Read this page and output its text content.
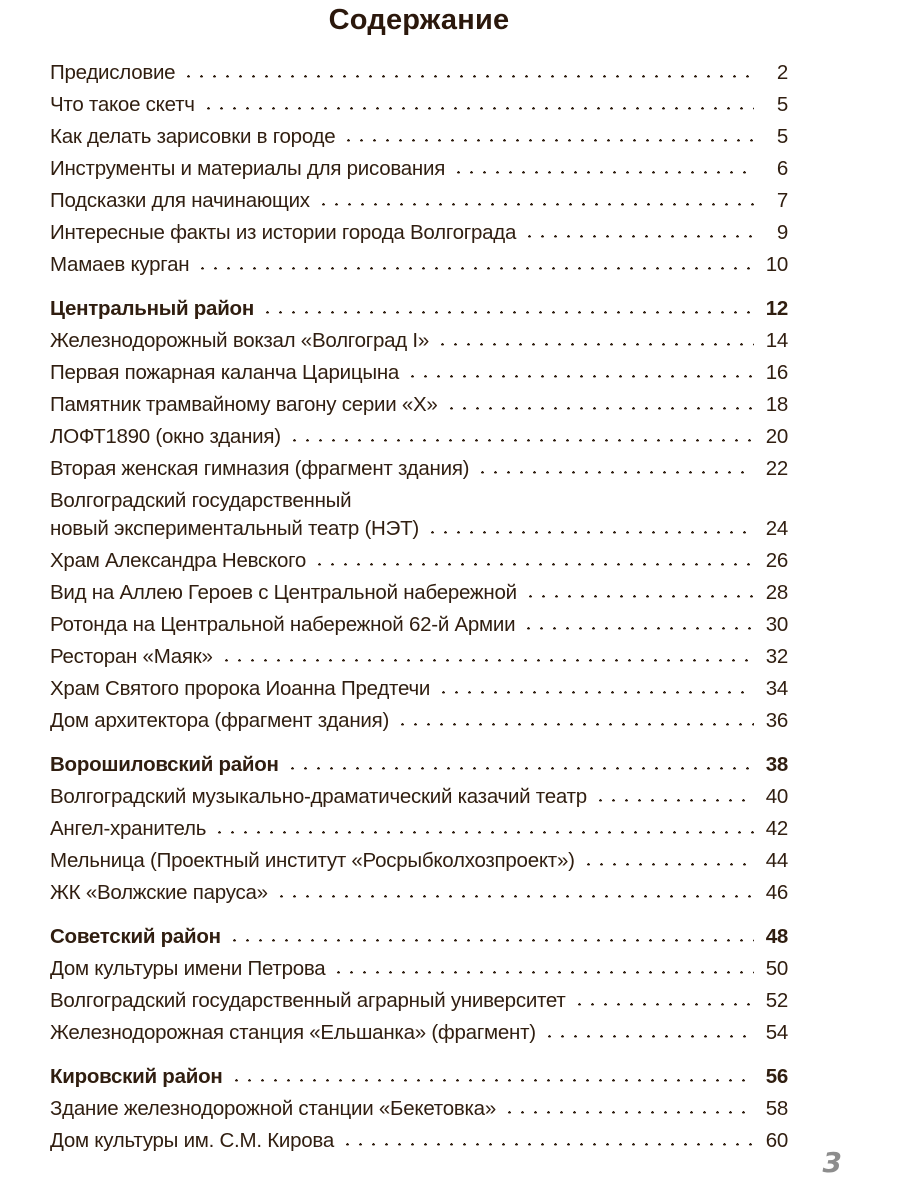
Содержание
Предисловие	2
Что такое скетч	5
Как делать зарисовки в городе	5
Инструменты и материалы для рисования	6
Подсказки для начинающих	7
Интересные факты из истории города Волгограда	9
Мамаев курган	10
Центральный район	12
Железнодорожный вокзал «Волгоград I»	14
Первая пожарная каланча Царицына	16
Памятник трамвайному вагону серии «Х»	18
ЛОФТ1890 (окно здания)	20
Вторая женская гимназия (фрагмент здания)	22
Волгоградский государственный
новый экспериментальный театр (НЭТ)	24
Храм Александра Невского	26
Вид на Аллею Героев с Центральной набережной	28
Ротонда на Центральной набережной 62-й Армии	30
Ресторан «Маяк»	32
Храм Святого пророка Иоанна Предтечи	34
Дом архитектора (фрагмент здания)	36
Ворошиловский район	38
Волгоградский музыкально-драматический казачий театр	40
Ангел-хранитель	42
Мельница (Проектный институт «Росрыбколхозпроект»)	44
ЖК «Волжские паруса»	46
Советский район	48
Дом культуры имени Петрова	50
Волгоградский государственный аграрный университет	52
Железнодорожная станция «Ельшанка» (фрагмент)	54
Кировский район	56
Здание железнодорожной станции «Бекетовка»	58
Дом культуры им. С.М. Кирова	60
3
